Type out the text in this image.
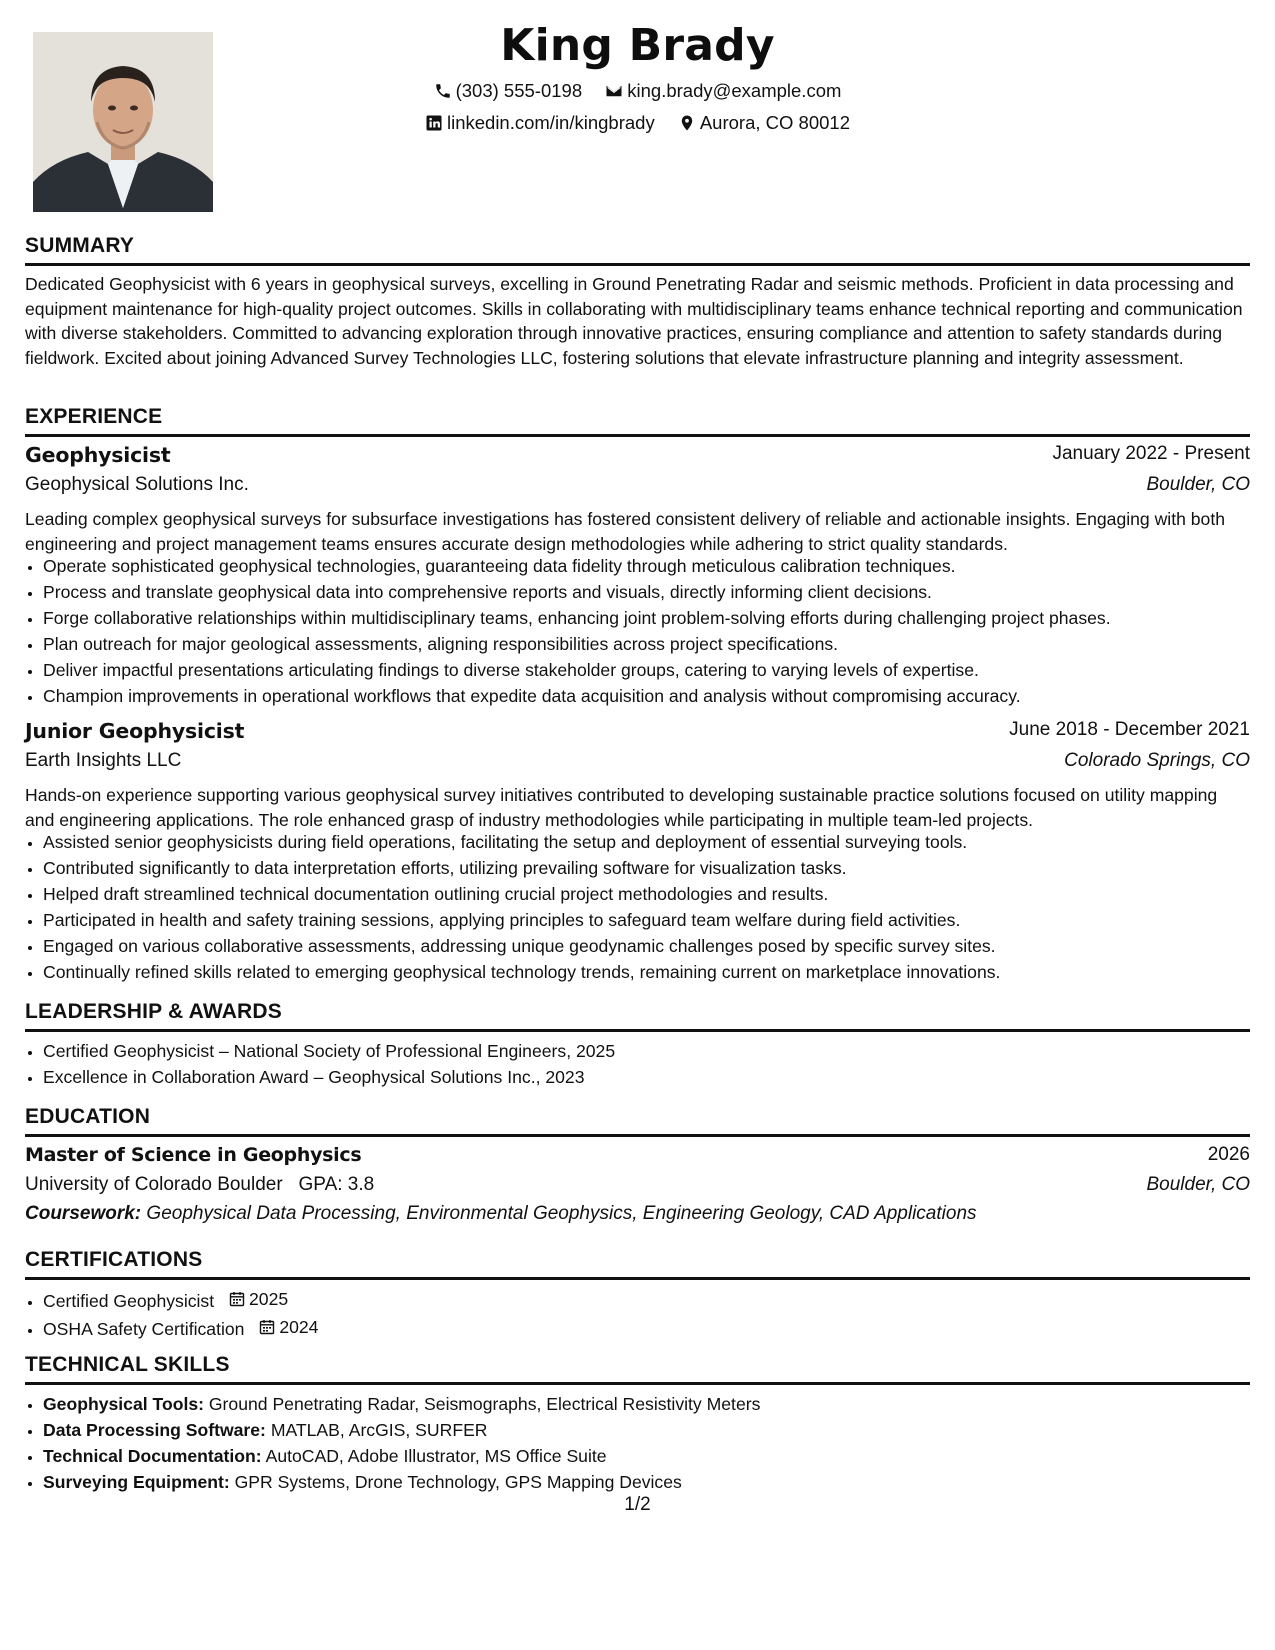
King Brady
(303) 555-0198
king.brady@example.com
linkedin.com/in/kingbrady
Aurora, CO 80012
SUMMARY
Dedicated Geophysicist with 6 years in geophysical surveys, excelling in Ground Penetrating Radar and seismic methods. Proficient in data processing and equipment maintenance for high-quality project outcomes. Skills in collaborating with multidisciplinary teams enhance technical reporting and communication with diverse stakeholders. Committed to advancing exploration through innovative practices, ensuring compliance and attention to safety standards during fieldwork. Excited about joining Advanced Survey Technologies LLC, fostering solutions that elevate infrastructure planning and integrity assessment.
EXPERIENCE
Geophysicist	January 2022 - Present
Geophysical Solutions Inc.	Boulder, CO
Leading complex geophysical surveys for subsurface investigations has fostered consistent delivery of reliable and actionable insights. Engaging with both engineering and project management teams ensures accurate design methodologies while adhering to strict quality standards.
• Operate sophisticated geophysical technologies, guaranteeing data fidelity through meticulous calibration techniques.
• Process and translate geophysical data into comprehensive reports and visuals, directly informing client decisions.
• Forge collaborative relationships within multidisciplinary teams, enhancing joint problem-solving efforts during challenging project phases.
• Plan outreach for major geological assessments, aligning responsibilities across project specifications.
• Deliver impactful presentations articulating findings to diverse stakeholder groups, catering to varying levels of expertise.
• Champion improvements in operational workflows that expedite data acquisition and analysis without compromising accuracy.
Junior Geophysicist	June 2018 - December 2021
Earth Insights LLC	Colorado Springs, CO
Hands-on experience supporting various geophysical survey initiatives contributed to developing sustainable practice solutions focused on utility mapping and engineering applications. The role enhanced grasp of industry methodologies while participating in multiple team-led projects.
• Assisted senior geophysicists during field operations, facilitating the setup and deployment of essential surveying tools.
• Contributed significantly to data interpretation efforts, utilizing prevailing software for visualization tasks.
• Helped draft streamlined technical documentation outlining crucial project methodologies and results.
• Participated in health and safety training sessions, applying principles to safeguard team welfare during field activities.
• Engaged on various collaborative assessments, addressing unique geodynamic challenges posed by specific survey sites.
• Continually refined skills related to emerging geophysical technology trends, remaining current on marketplace innovations.
LEADERSHIP & AWARDS
• Certified Geophysicist – National Society of Professional Engineers, 2025
• Excellence in Collaboration Award – Geophysical Solutions Inc., 2023
EDUCATION
Master of Science in Geophysics	2026
University of Colorado Boulder GPA: 3.8	Boulder, CO
Coursework: Geophysical Data Processing, Environmental Geophysics, Engineering Geology, CAD Applications
CERTIFICATIONS
• Certified Geophysicist 2025
• OSHA Safety Certification 2024
TECHNICAL SKILLS
• Geophysical Tools: Ground Penetrating Radar, Seismographs, Electrical Resistivity Meters
• Data Processing Software: MATLAB, ArcGIS, SURFER
• Technical Documentation: AutoCAD, Adobe Illustrator, MS Office Suite
• Surveying Equipment: GPR Systems, Drone Technology, GPS Mapping Devices
1/2
